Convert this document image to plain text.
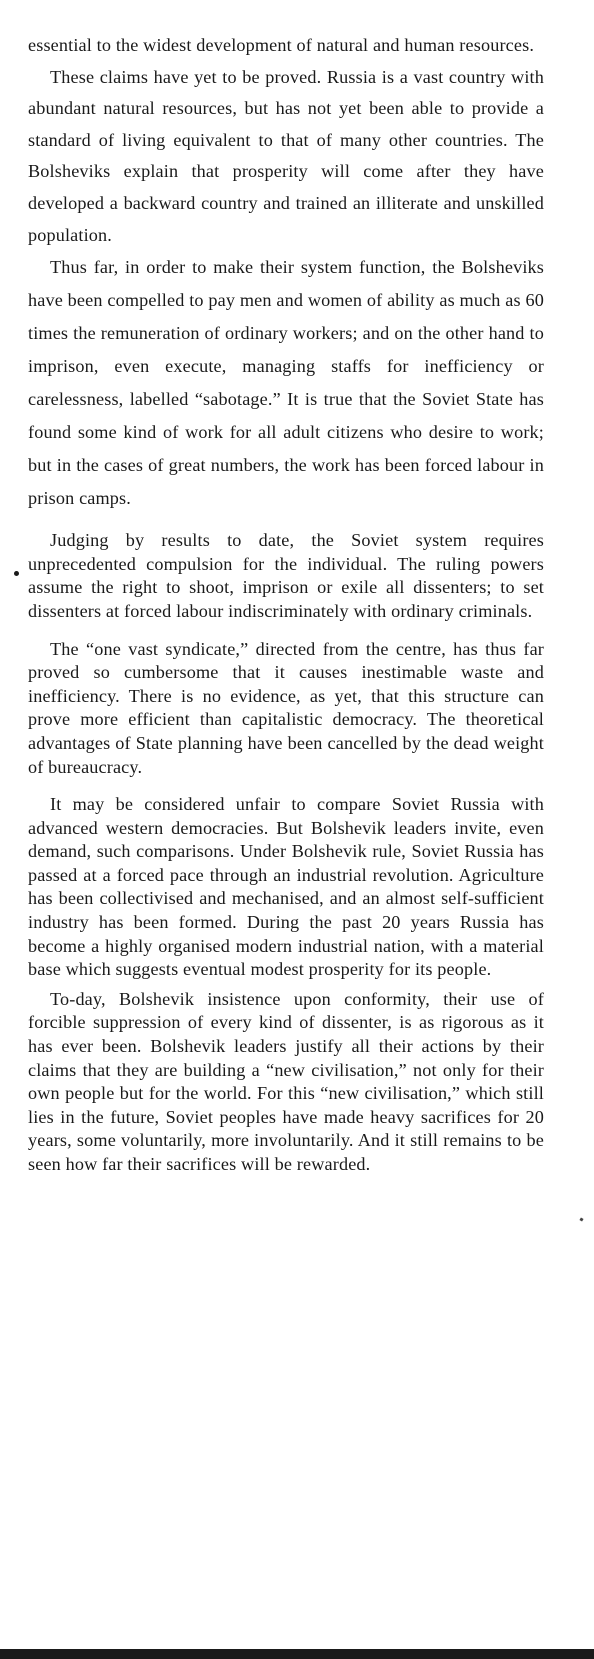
essential to the widest development of natural and human resources.

These claims have yet to be proved. Russia is a vast country with abundant natural resources, but has not yet been able to provide a standard of living equivalent to that of many other countries. The Bolsheviks explain that prosperity will come after they have developed a backward country and trained an illiterate and unskilled population.

Thus far, in order to make their system function, the Bolsheviks have been compelled to pay men and women of ability as much as 60 times the remuneration of ordinary workers; and on the other hand to imprison, even execute, managing staffs for inefficiency or carelessness, labelled “sabotage.” It is true that the Soviet State has found some kind of work for all adult citizens who desire to work; but in the cases of great numbers, the work has been forced labour in prison camps.

Judging by results to date, the Soviet system requires unprecedented compulsion for the individual. The ruling powers assume the right to shoot, imprison or exile all dissenters; to set dissenters at forced labour indiscriminately with ordinary criminals.

The “one vast syndicate,” directed from the centre, has thus far proved so cumbersome that it causes inestimable waste and inefficiency. There is no evidence, as yet, that this structure can prove more efficient than capitalistic democracy. The theoretical advantages of State planning have been cancelled by the dead weight of bureaucracy.

It may be considered unfair to compare Soviet Russia with advanced western democracies. But Bolshevik leaders invite, even demand, such comparisons. Under Bolshevik rule, Soviet Russia has passed at a forced pace through an industrial revolution. Agriculture has been collectivised and mechanised, and an almost self-sufficient industry has been formed. During the past 20 years Russia has become a highly organised modern industrial nation, with a material base which suggests eventual modest prosperity for its people.

To-day, Bolshevik insistence upon conformity, their use of forcible suppression of every kind of dissenter, is as rigorous as it has ever been. Bolshevik leaders justify all their actions by their claims that they are building a “new civilisation,” not only for their own people but for the world. For this “new civilisation,” which still lies in the future, Soviet peoples have made heavy sacrifices for 20 years, some voluntarily, more involuntarily. And it still remains to be seen how far their sacrifices will be rewarded.
